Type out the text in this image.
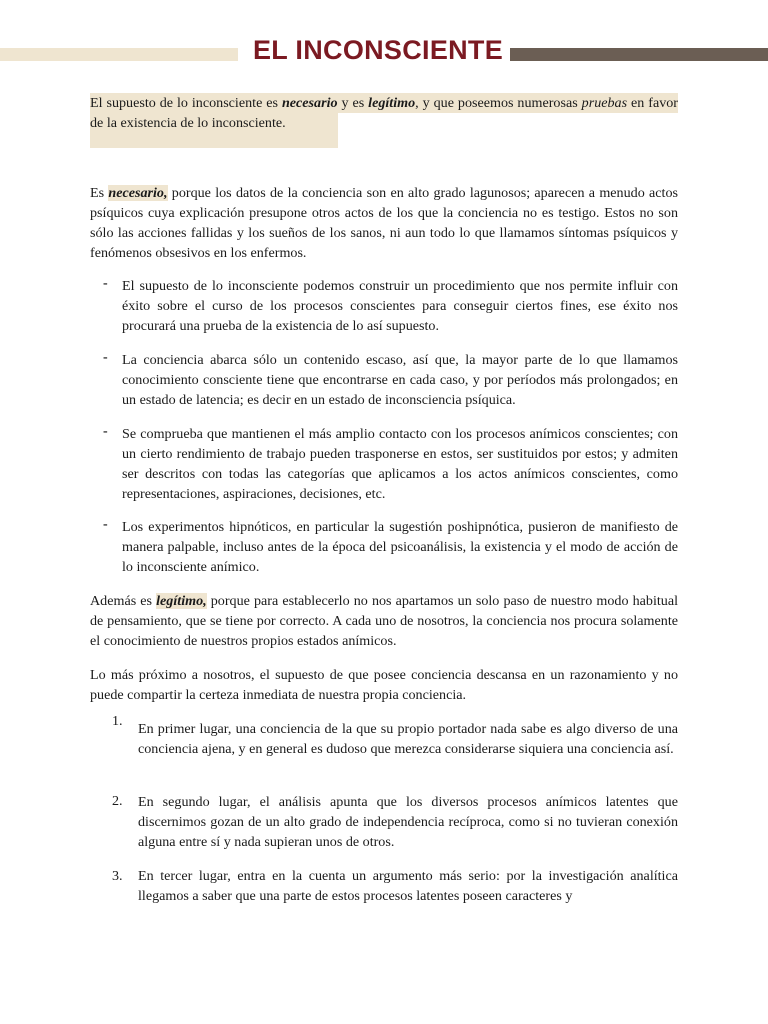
EL INCONSCIENTE
El supuesto de lo inconsciente es necesario y es legítimo, y que poseemos numerosas pruebas en favor de la existencia de lo inconsciente.
Es necesario, porque los datos de la conciencia son en alto grado lagunosos; aparecen a menudo actos psíquicos cuya explicación presupone otros actos de los que la conciencia no es testigo. Estos no son sólo las acciones fallidas y los sueños de los sanos, ni aun todo lo que llamamos síntomas psíquicos y fenómenos obsesivos en los enfermos.
- El supuesto de lo inconsciente podemos construir un procedimiento que nos permite influir con éxito sobre el curso de los procesos conscientes para conseguir ciertos fines, ese éxito nos procurará una prueba de la existencia de lo así supuesto.
- La conciencia abarca sólo un contenido escaso, así que, la mayor parte de lo que llamamos conocimiento consciente tiene que encontrarse en cada caso, y por períodos más prolongados; en un estado de latencia; es decir en un estado de inconsciencia psíquica.
- Se comprueba que mantienen el más amplio contacto con los procesos anímicos conscientes; con un cierto rendimiento de trabajo pueden trasponerse en estos, ser sustituidos por estos; y admiten ser descritos con todas las categorías que aplicamos a los actos anímicos conscientes, como representaciones, aspiraciones, decisiones, etc.
- Los experimentos hipnóticos, en particular la sugestión poshipnótica, pusieron de manifiesto de manera palpable, incluso antes de la época del psicoanálisis, la existencia y el modo de acción de lo inconsciente anímico.
Además es legítimo, porque para establecerlo no nos apartamos un solo paso de nuestro modo habitual de pensamiento, que se tiene por correcto. A cada uno de nosotros, la conciencia nos procura solamente el conocimiento de nuestros propios estados anímicos.
Lo más próximo a nosotros, el supuesto de que posee conciencia descansa en un razonamiento y no puede compartir la certeza inmediata de nuestra propia conciencia.
1.	En primer lugar, una conciencia de la que su propio portador nada sabe es algo diverso de una conciencia ajena, y en general es dudoso que merezca considerarse siquiera una conciencia así.
2.	En segundo lugar, el análisis apunta que los diversos procesos anímicos latentes que discernimos gozan de un alto grado de independencia recíproca, como si no tuvieran conexión alguna entre sí y nada supieran unos de otros.
3.	En tercer lugar, entra en la cuenta un argumento más serio: por la investigación analítica llegamos a saber que una parte de estos procesos latentes poseen caracteres y
